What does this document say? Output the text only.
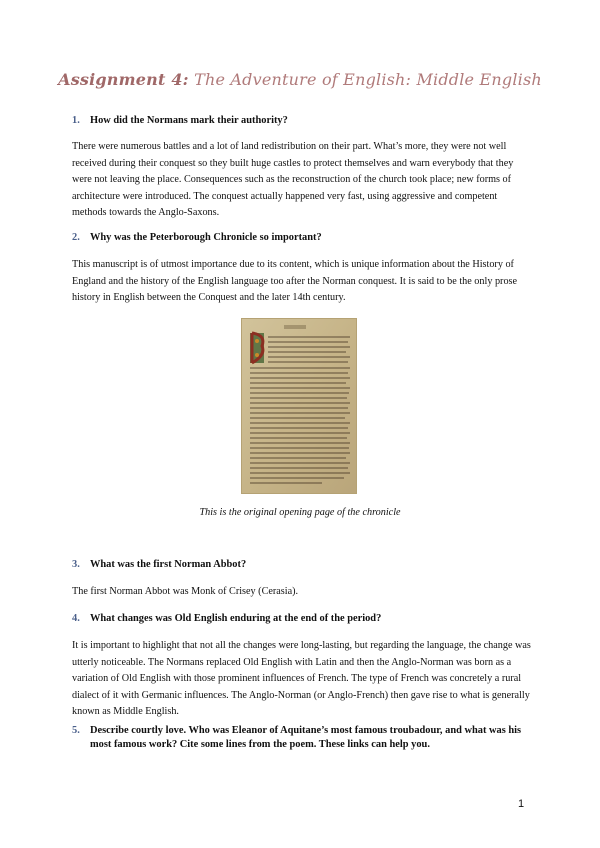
Assignment 4: The Adventure of English: Middle English
1. How did the Normans mark their authority?
There were numerous battles and a lot of land redistribution on their part. What’s more, they were not well received during their conquest so they built huge castles to protect themselves and warn everybody that they were not leaving the place. Consequences such as the reconstruction of the church took place; new forms of architecture were introduced. The conquest actually happened very fast, using aggressive and competent methods towards the Anglo-Saxons.
2. Why was the Peterborough Chronicle so important?
This manuscript is of utmost importance due to its content, which is unique information about the History of England and the history of the English language too after the Norman conquest. It is said to be the only prose history in English between the Conquest and the later 14th century.
This is the original opening page of the chronicle
3. What was the first Norman Abbot?
The first Norman Abbot was Monk of Crisey (Cerasia).
4. What changes was Old English enduring at the end of the period?
It is important to highlight that not all the changes were long-lasting, but regarding the language, the change was utterly noticeable. The Normans replaced Old English with Latin and then the Anglo-Norman was born as a variation of Old English with those prominent influences of French. The type of French was concretely a rural dialect of it with Germanic influences. The Anglo-Norman (or Anglo-French) then gave rise to what is generally known as Middle English.
5. Describe courtly love. Who was Eleanor of Aquitane’s most famous troubadour, and what was his most famous work? Cite some lines from the poem. These links can help you.
1
